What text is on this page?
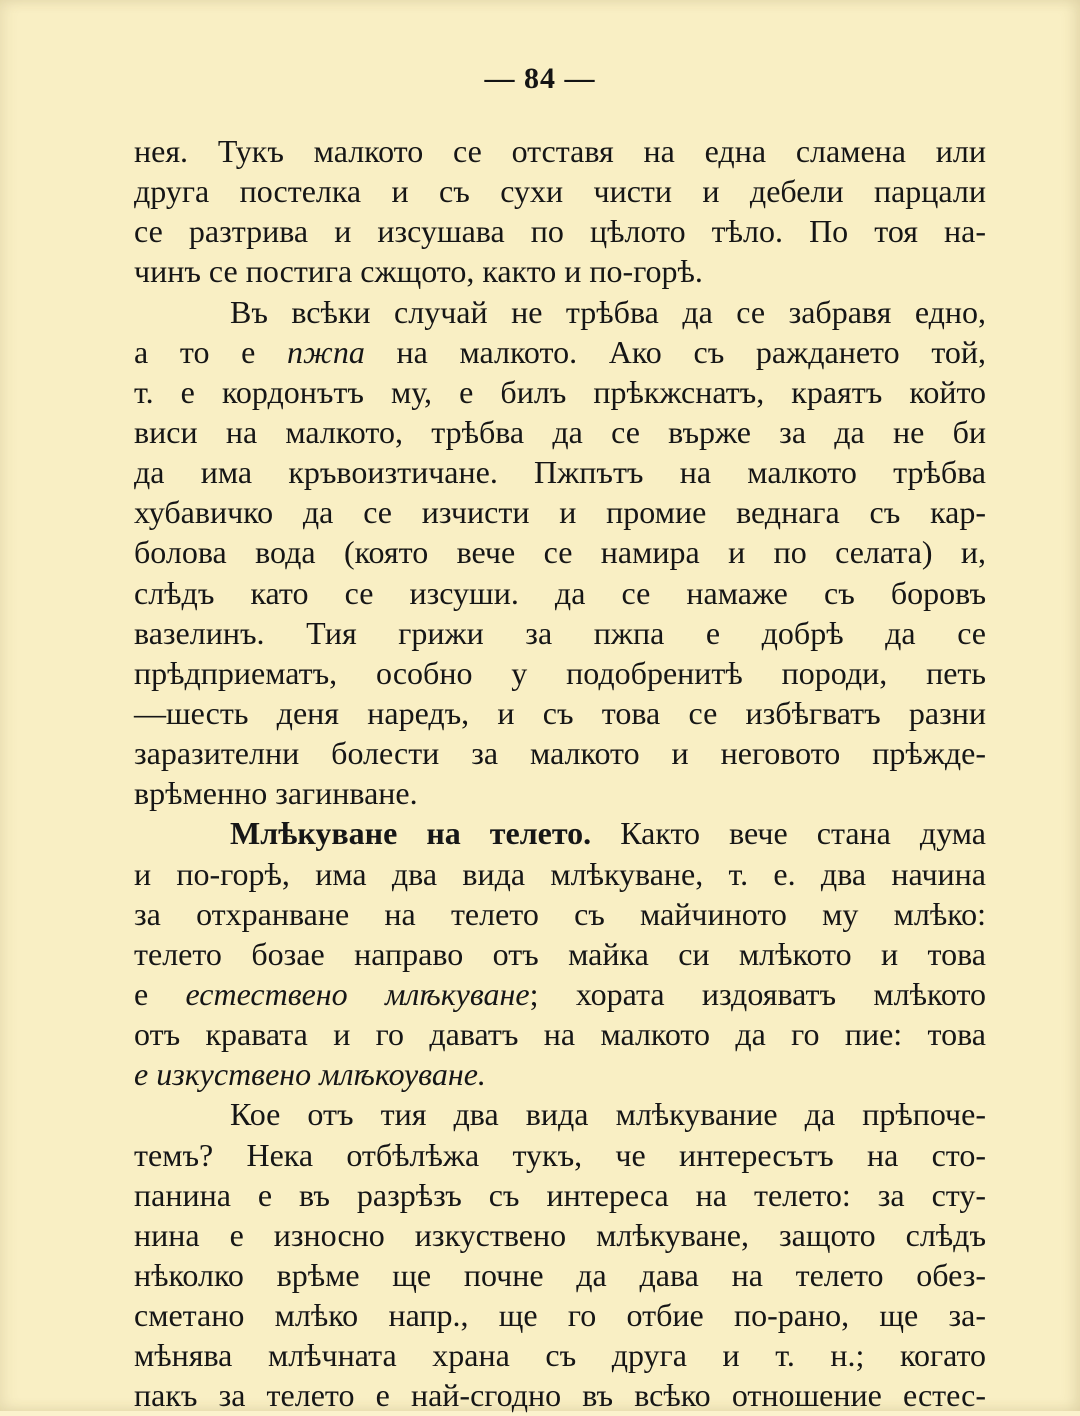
— 84 —
нея. Тукъ малкото се отставя на една сламена или
друга постелка и съ сухи чисти и дебели парцали
се разтрива и изсушава по цѣлото тѣло. По тоя на-
чинъ се постига сжщото, както и по-горѣ.
Въ всѣки случай не трѣбва да се забравя едно,
а то е пжпа на малкото. Ако съ раждането той,
т. е кордонътъ му, е билъ прѣкжснатъ, краятъ който
виси на малкото, трѣбва да се върже за да не би
да има кръвоизтичане. Пжпътъ на малкото трѣбва
хубавичко да се изчисти и промие веднага съ кар-
болова вода (която вече се намира и по селата) и,
слѣдъ като се изсуши. да се намаже съ боровъ
вазелинъ. Тия грижи за пжпа е добрѣ да се
прѣдприематъ, особно у подобренитѣ породи, петь
—шесть деня наредъ, и съ това се избѣгватъ разни
заразителни болести за малкото и неговото прѣжде-
врѣменно загинване.
Млѣкуване на телето. Както вече стана дума
и по-горѣ, има два вида млѣкуване, т. е. два начина
за отхранване на телето съ майчиното му млѣко:
телето бозае направо отъ майка си млѣкото и това
е естествено млѣкуване; хората издояватъ млѣкото
отъ кравата и го даватъ на малкото да го пие: това
е изкуствено млѣкоуване.
Кое отъ тия два вида млѣкувание да прѣпоче-
темъ? Нека отбѣлѣжа тукъ, че интересътъ на сто-
панина е въ разрѣзъ съ интереса на телето: за сту-
нина е износно изкуствено млѣкуване, защото слѣдъ
нѣколко врѣме ще почне да дава на телето обез-
сметано млѣко напр., ще го отбие по-рано, ще за-
мѣнява млѣчната храна съ друга и т. н.; когато
пакъ за телето е най-сгодно въ всѣко отношение естес-
